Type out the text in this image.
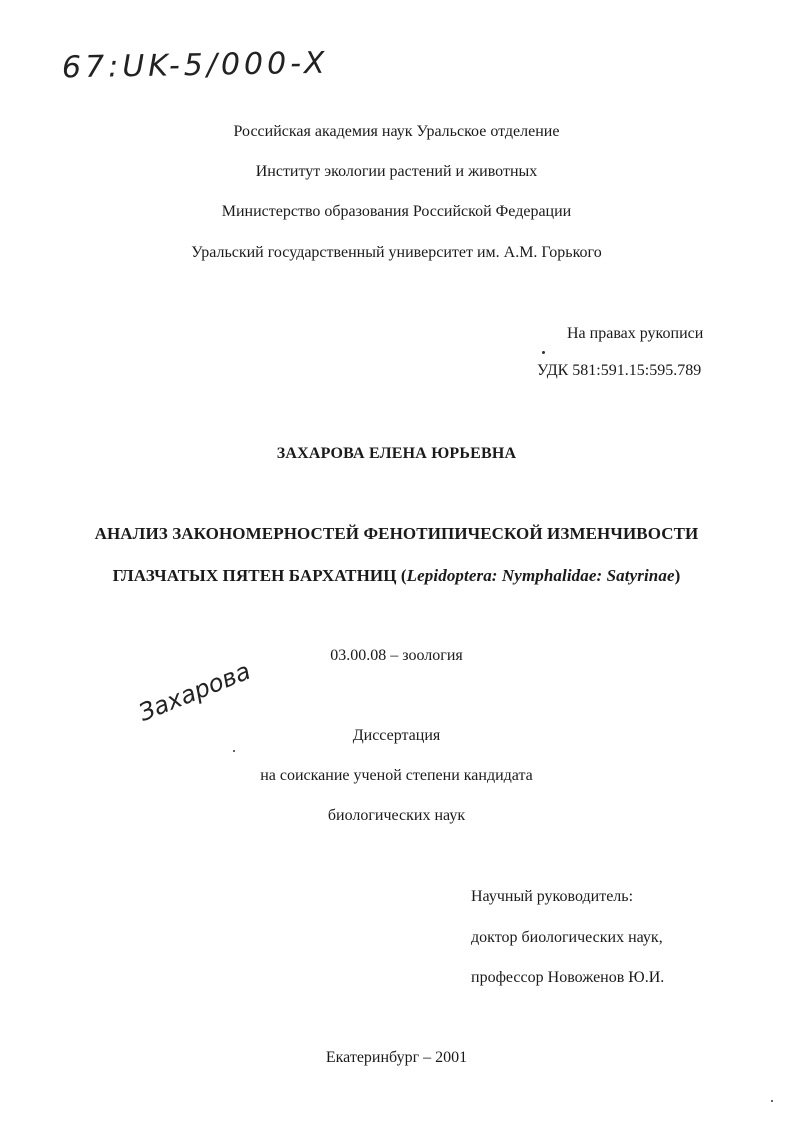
67:UK-5/000-X
Российская академия наук Уральское отделение
Институт экологии растений и животных
Министерство образования Российской Федерации
Уральский государственный университет им. А.М. Горького
На правах рукописи
УДК 581:591.15:595.789
ЗАХАРОВА ЕЛЕНА ЮРЬЕВНА
АНАЛИЗ ЗАКОНОМЕРНОСТЕЙ ФЕНОТИПИЧЕСКОЙ ИЗМЕНЧИВОСТИ
ГЛАЗЧАТЫХ ПЯТЕН БАРХАТНИЦ (Lepidoptera: Nymphalidae: Satyrinae)
03.00.08 – зоология
Захарова
Диссертация
на соискание ученой степени кандидата
биологических наук
Научный руководитель:
доктор биологических наук,
профессор Новоженов Ю.И.
Екатеринбург – 2001
